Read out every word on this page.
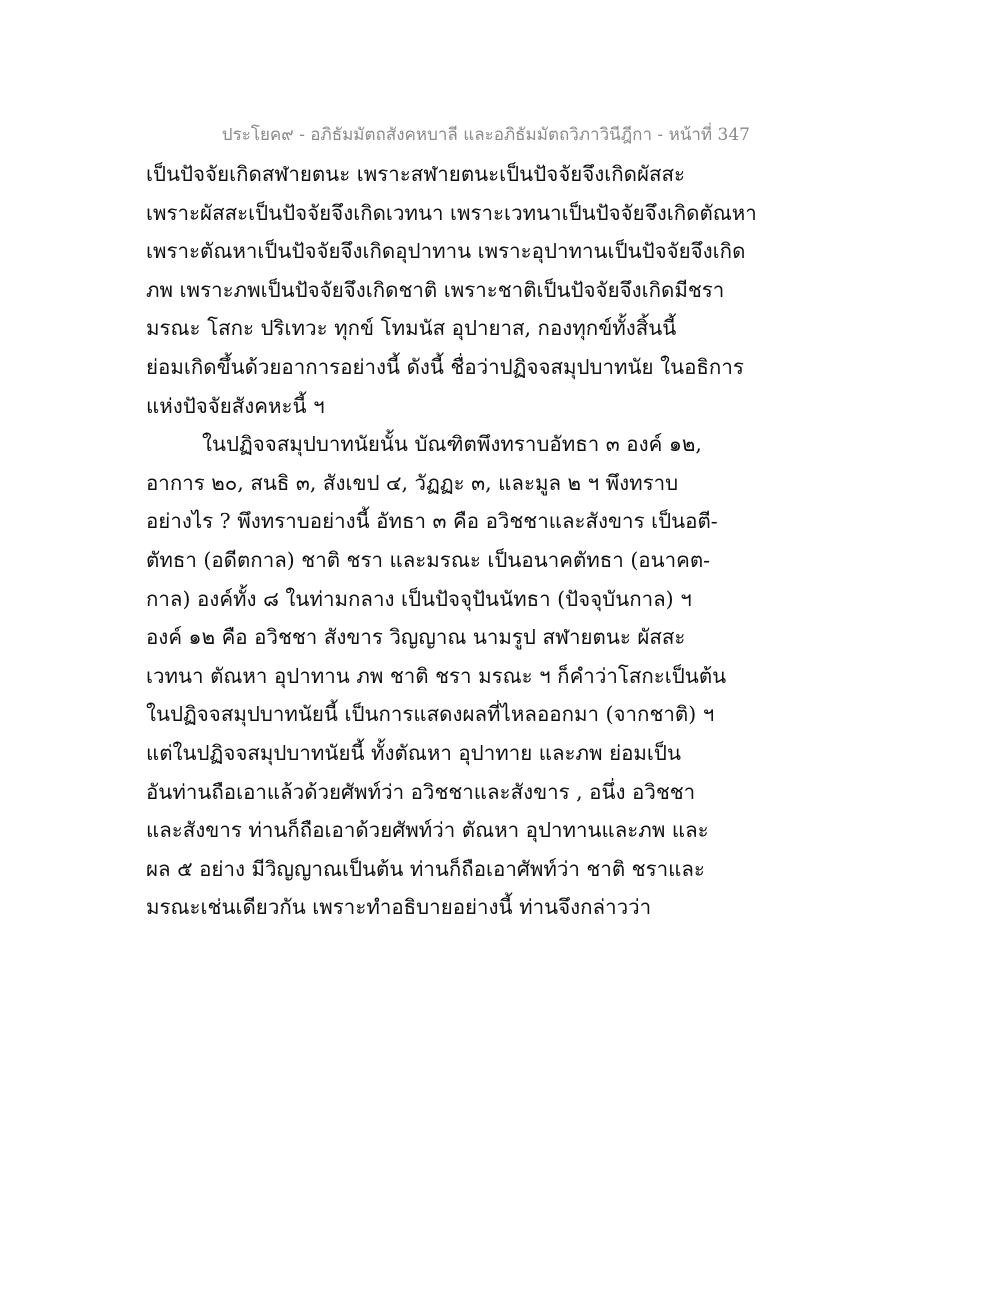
ประโยค๙ - อภิธัมมัตถสังคหบาลี และอภิธัมมัตถวิภาวินีฎีกา - หน้าที่ 347
เป็นปัจจัยเกิดสฬายตนะ เพราะสฬายตนะเป็นปัจจัยจึงเกิดผัสสะ
เพราะผัสสะเป็นปัจจัยจึงเกิดเวทนา เพราะเวทนาเป็นปัจจัยจึงเกิดตัณหา
เพราะตัณหาเป็นปัจจัยจึงเกิดอุปาทาน เพราะอุปาทานเป็นปัจจัยจึงเกิด
ภพ เพราะภพเป็นปัจจัยจึงเกิดชาติ เพราะชาติเป็นปัจจัยจึงเกิดมีชรา
มรณะ โสกะ ปริเทวะ ทุกข์ โทมนัส อุปายาส, กองทุกข์ทั้งสิ้นนี้
ย่อมเกิดขึ้นด้วยอาการอย่างนี้ ดังนี้ ชื่อว่าปฏิจจสมุปบาทนัย ในอธิการ
แห่งปัจจัยสังคหะนี้ ฯ
ในปฏิจจสมุปบาทนัยนั้น บัณฑิตพึงทราบอัทธา ๓ องค์ ๑๒,
อาการ ๒๐, สนธิ ๓, สังเขป ๔, วัฏฏะ ๓, และมูล ๒ ฯ พึงทราบ
อย่างไร ? พึงทราบอย่างนี้ อัทธา ๓ คือ อวิชชาและสังขาร เป็นอตี-
ตัทธา (อดีตกาล) ชาติ ชรา และมรณะ เป็นอนาคตัทธา (อนาคต-
กาล) องค์ทั้ง ๘ ในท่ามกลาง เป็นปัจจุปันนัทธา (ปัจจุบันกาล) ฯ
องค์ ๑๒ คือ อวิชชา สังขาร วิญญาณ นามรูป สฬายตนะ ผัสสะ
เวทนา ตัณหา อุปาทาน ภพ ชาติ ชรา มรณะ ฯ ก็คำว่าโสกะเป็นต้น
ในปฏิจจสมุปบาทนัยนี้ เป็นการแสดงผลที่ไหลออกมา (จากชาติ) ฯ
แต่ในปฏิจจสมุปบาทนัยนี้ ทั้งตัณหา อุปาทาย และภพ ย่อมเป็น
อันท่านถือเอาแล้วด้วยศัพท์ว่า อวิชชาและสังขาร , อนึ่ง อวิชชา
และสังขาร ท่านก็ถือเอาด้วยศัพท์ว่า ตัณหา อุปาทานและภพ และ
ผล ๕ อย่าง มีวิญญาณเป็นต้น ท่านก็ถือเอาศัพท์ว่า ชาติ ชราและ
มรณะเช่นเดียวกัน เพราะทำอธิบายอย่างนี้ ท่านจึงกล่าวว่า
